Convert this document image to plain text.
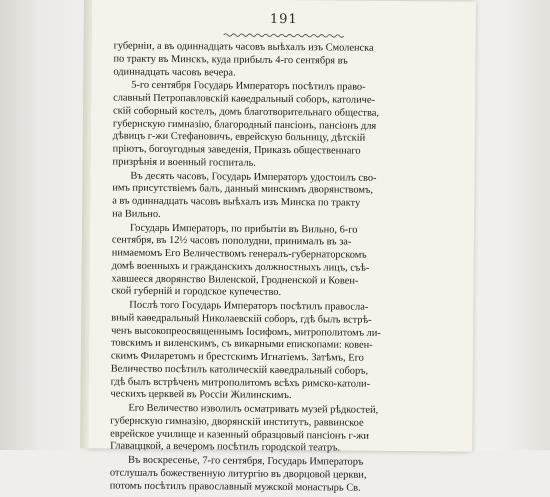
191
губерніи, а въ одиннадцать часовъ выѣхалъ изъ Смоленска
по тракту въ Минскъ, куда прибылъ 4-го сентября въ
одиннадцать часовъ вечера.
5-го сентября Государь Императоръ посѣтилъ право-
славный Петропавловскій каѳедральный соборъ, католиче-
скій соборный костелъ, домъ благотворительнаго общества,
губернскую гимназію, благородный пансіонъ, пансіонъ для
дѣвицъ г-жи Стефановичъ, еврейскую больницу, дѣтскій
пріютъ, богоугодныя заведенія, Приказъ общественнаго
призрѣнія и военный госпиталь.
Въ десять часовъ, Государь Императоръ удостоилъ сво-
имъ присутствіемъ балъ, данный минскимъ дворянствомъ,
а въ одиннадцать часовъ выѣхалъ изъ Минска по тракту
на Вильно.
Государь Императоръ, по прибытіи въ Вильно, 6-го
сентября, въ 12½ часовъ пополудни, принималъ въ за-
нимаемомъ Его Величествомъ генералъ-губернаторскомъ
домѣ военныхъ и гражданскихъ должностныхъ лицъ, съѣ-
хавшееся дворянство Виленской, Гродненской и Ковен-
ской губерній и городское купечество.
Послѣ того Государь Императоръ посѣтилъ правосла-
вный каѳедральный Николаевскій соборъ, гдѣ былъ встрѣ-
ченъ высокопреосвященнымъ Іосифомъ, митрополитомъ ли-
товскимъ и виленскимъ, съ викарными епископами: ковен-
скимъ Филаретомъ и брестскимъ Игнатіемъ. Затѣмъ, Его
Величество посѣтилъ католическій каѳедральный соборъ,
гдѣ былъ встрѣченъ митрополитомъ всѣхъ римско-католи-
ческихъ церквей въ Россіи Жилинскимъ.
Его Величество изволилъ осматривать музей рѣдкостей,
губернскую гимназію, дворянскій институтъ, раввинское
еврейское училище и казенный образцовый пансіонъ г-жи
Главаццкой, а вечеромъ посѣтилъ городской театръ.
Въ воскресенье, 7-го сентября, Государь Императоръ
отслушалъ божественную литургію въ дворцовой церкви,
потомъ посѣтилъ православный мужской монастырь Св.
